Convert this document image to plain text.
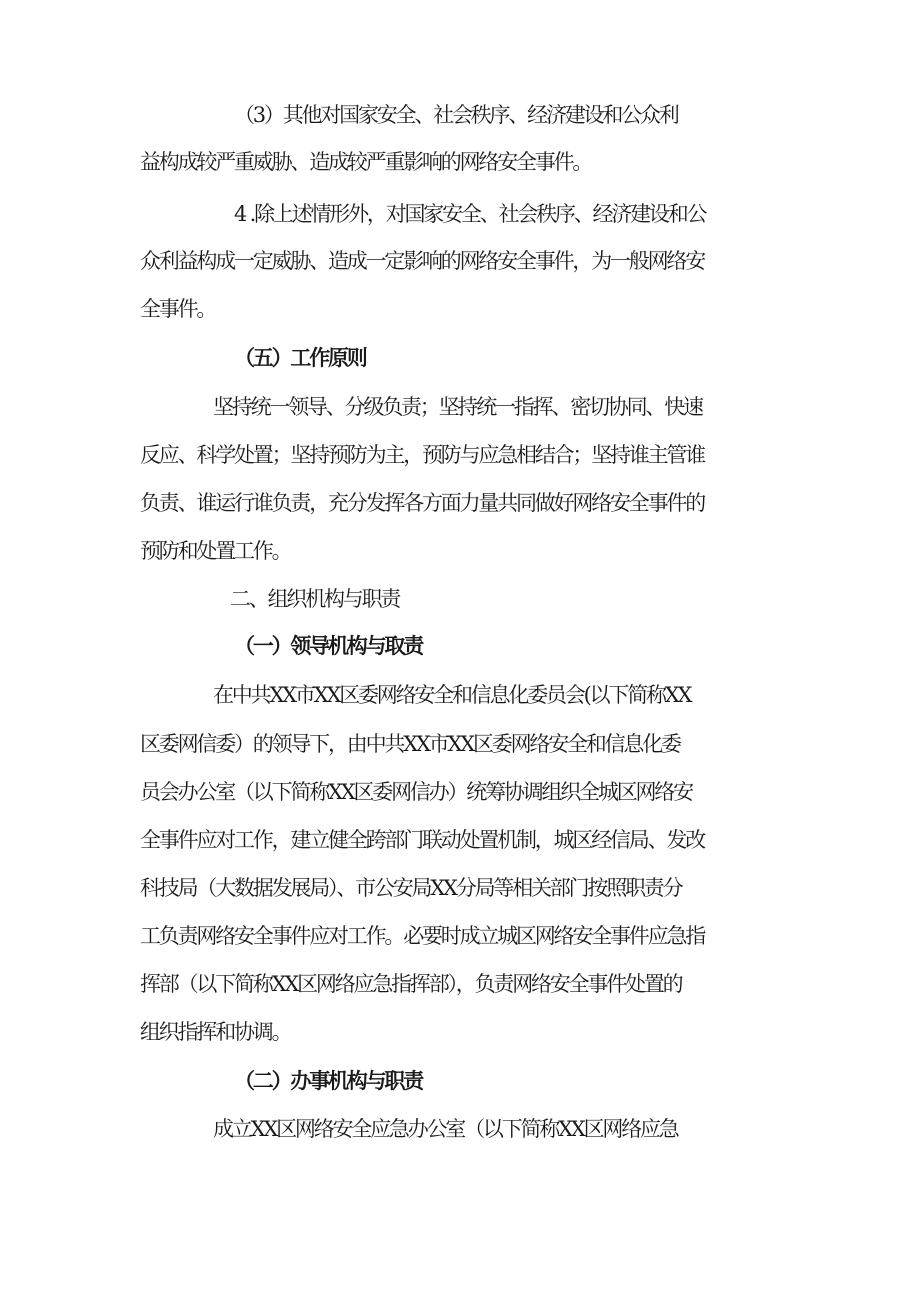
（3）其他对国家安全、社会秩序、经济建设和公众利
益构成较严重威胁、造成较严重影响的网络安全事件。
4 .除上述情形外，对国家安全、社会秩序、经济建设和公
众利益构成一定威胁、造成一定影响的网络安全事件，为一般网络安
全事件。
（五）工作原则
坚持统一领导、分级负责；坚持统一指挥、密切协同、快速
反应、科学处置；坚持预防为主，预防与应急相结合；坚持谁主管谁
负责、谁运行谁负责，充分发挥各方面力量共同做好网络安全事件的
预防和处置工作。
二、组织机构与职责
（一）领导机构与取责
在中共XX市XX区委网络安全和信息化委员会(以下简称XX
区委网信委）的领导下，由中共XX市XX区委网络安全和信息化委
员会办公室（以下简称XX区委网信办）统筹协调组织全城区网络安
全事件应对工作，建立健全跨部门联动处置机制，城区经信局、发改
科技局（大数据发展局）、市公安局XX分局等相关部门按照职责分
工负责网络安全事件应对工作。必要时成立城区网络安全事件应急指
挥部（以下简称XX区网络应急指挥部），负责网络安全事件处置的
组织指挥和协调。
（二）办事机构与职责
成立XX区网络安全应急办公室（以下简称XX区网络应急
